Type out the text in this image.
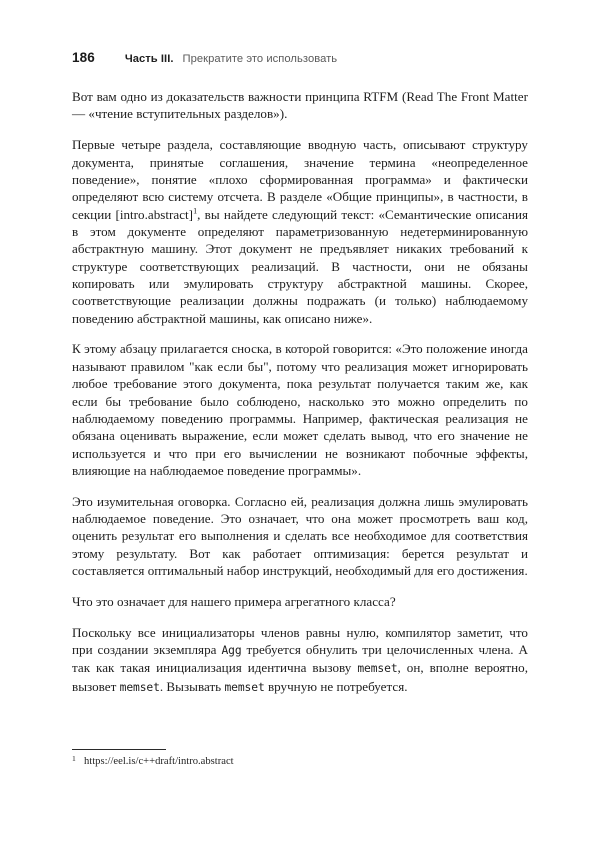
186	Часть III. Прекратите это использовать

Вот вам одно из доказательств важности принципа RTFM (Read The Front Matter — «чтение вступительных разделов»).

Первые четыре раздела, составляющие вводную часть, описывают структуру документа, принятые соглашения, значение термина «неопределенное поведение», понятие «плохо сформированная программа» и фактически определяют всю систему отсчета. В разделе «Общие принципы», в частности, в секции [intro.abstract]$^1$, вы найдете следующий текст: «Семантические описания в этом документе определяют параметризованную недетерминированную абстрактную машину. Этот документ не предъявляет никаких требований к структуре соответствующих реализаций. В частности, они не обязаны копировать или эмулировать структуру абстрактной машины. Скорее, соответствующие реализации должны подражать (и только) наблюдаемому поведению абстрактной машины, как описано ниже».

К этому абзацу прилагается сноска, в которой говорится: «Это положение иногда называют правилом "как если бы", потому что реализация может игнорировать любое требование этого документа, пока результат получается таким же, как если бы требование было соблюдено, насколько это можно определить по наблюдаемому поведению программы. Например, фактическая реализация не обязана оценивать выражение, если может сделать вывод, что его значение не используется и что при его вычислении не возникают побочные эффекты, влияющие на наблюдаемое поведение программы».

Это изумительная оговорка. Согласно ей, реализация должна лишь эмулировать наблюдаемое поведение. Это означает, что она может просмотреть ваш код, оценить результат его выполнения и сделать все необходимое для соответствия этому результату. Вот как работает оптимизация: берется результат и составляется оптимальный набор инструкций, необходимый для его достижения.

Что это означает для нашего примера агрегатного класса?

Поскольку все инициализаторы членов равны нулю, компилятор заметит, что при создании экземпляра Agg требуется обнулить три целочисленных члена. А так как такая инициализация идентична вызову memset, он, вполне вероятно, вызовет memset. Вызывать memset вручную не потребуется.

1 https://eel.is/c++draft/intro.abstract
